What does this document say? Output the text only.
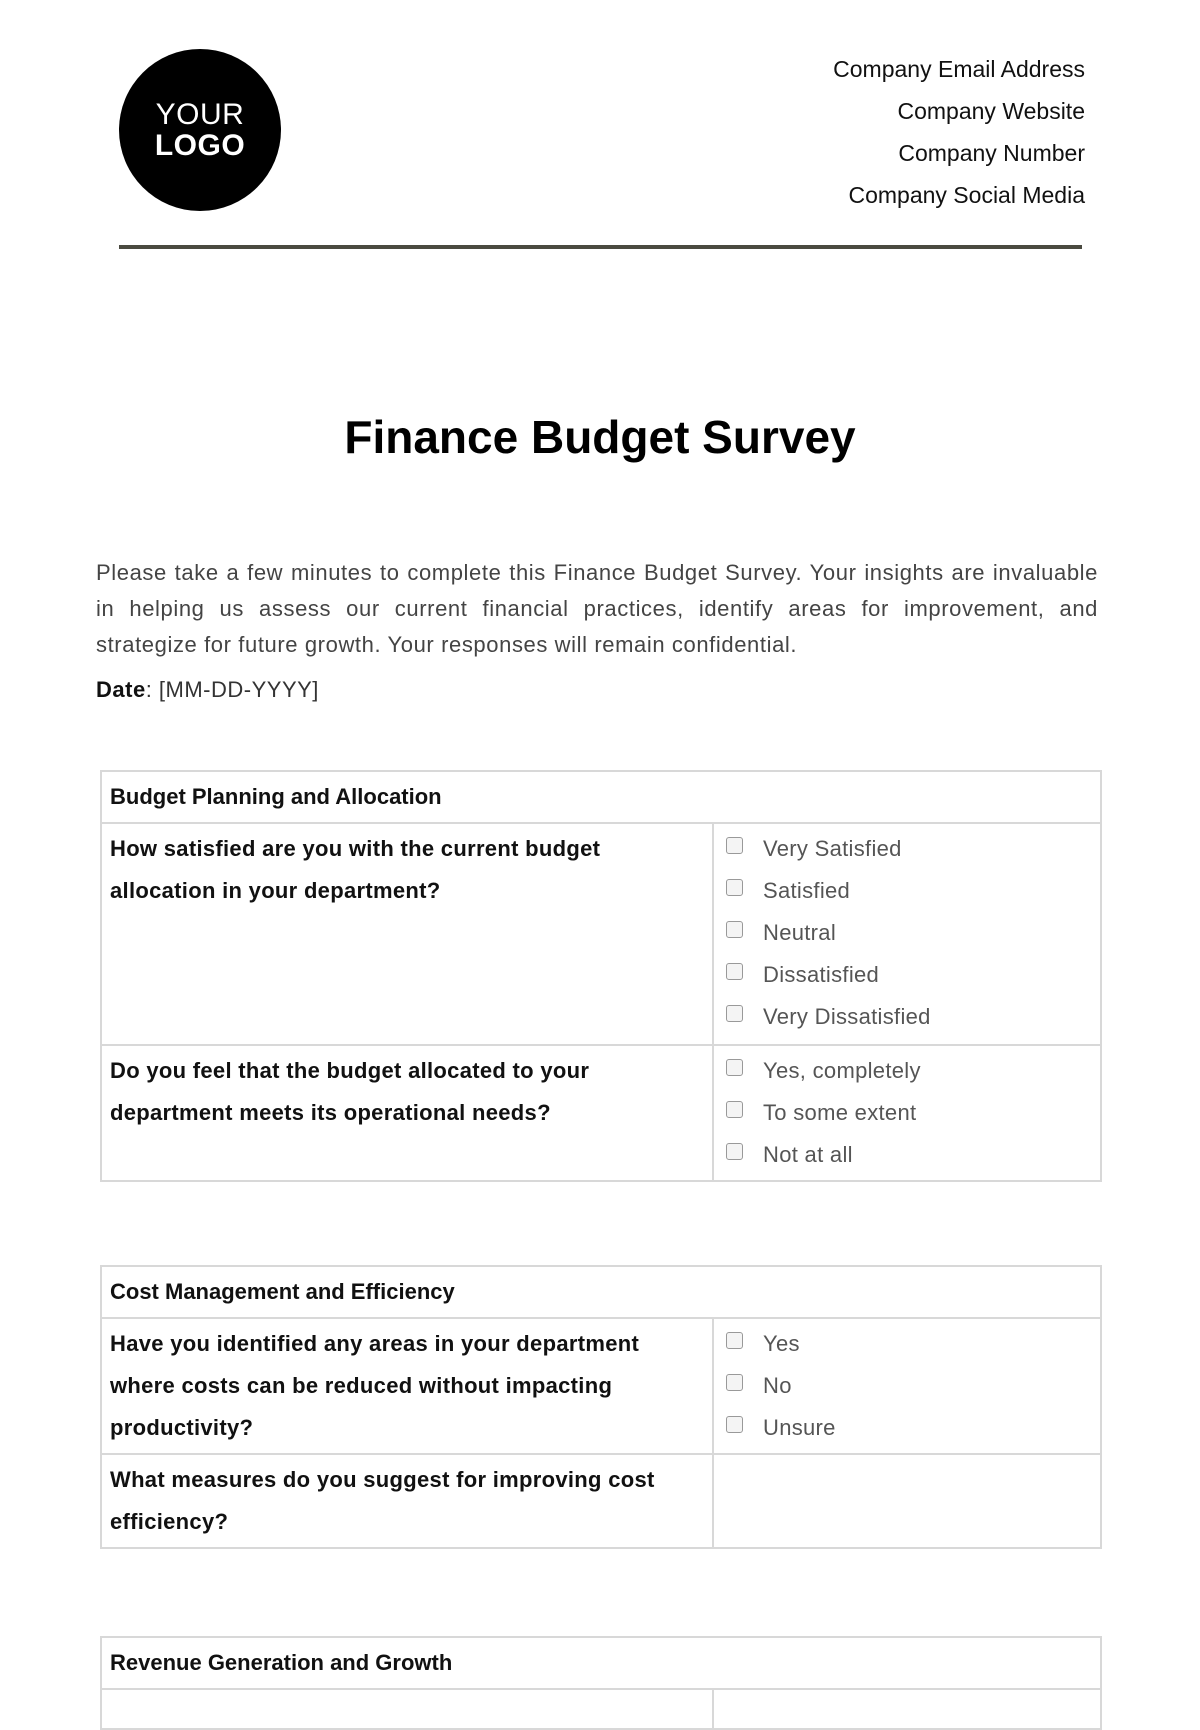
YOUR
LOGO
Company Email Address
Company Website
Company Number
Company Social Media
Finance Budget Survey

Please take a few minutes to complete this Finance Budget Survey. Your insights are invaluable in helping us assess our current financial practices, identify areas for improvement, and strategize for future growth. Your responses will remain confidential.

Date: [MM-DD-YYYY]
Budget Planning and Allocation	
How satisfied are you with the current budget allocation in your department?	Very Satisfied
Satisfied
Neutral
Dissatisfied
Very Dissatisfied

Do you feel that the budget allocated to your department meets its operational needs?	Yes, completely
To some extent
Not at all
Cost Management and Efficiency	
Have you identified any areas in your department where costs can be reduced without impacting productivity?	Yes
No
Unsure

What measures do you suggest for improving cost efficiency?	
Revenue Generation and Growth
